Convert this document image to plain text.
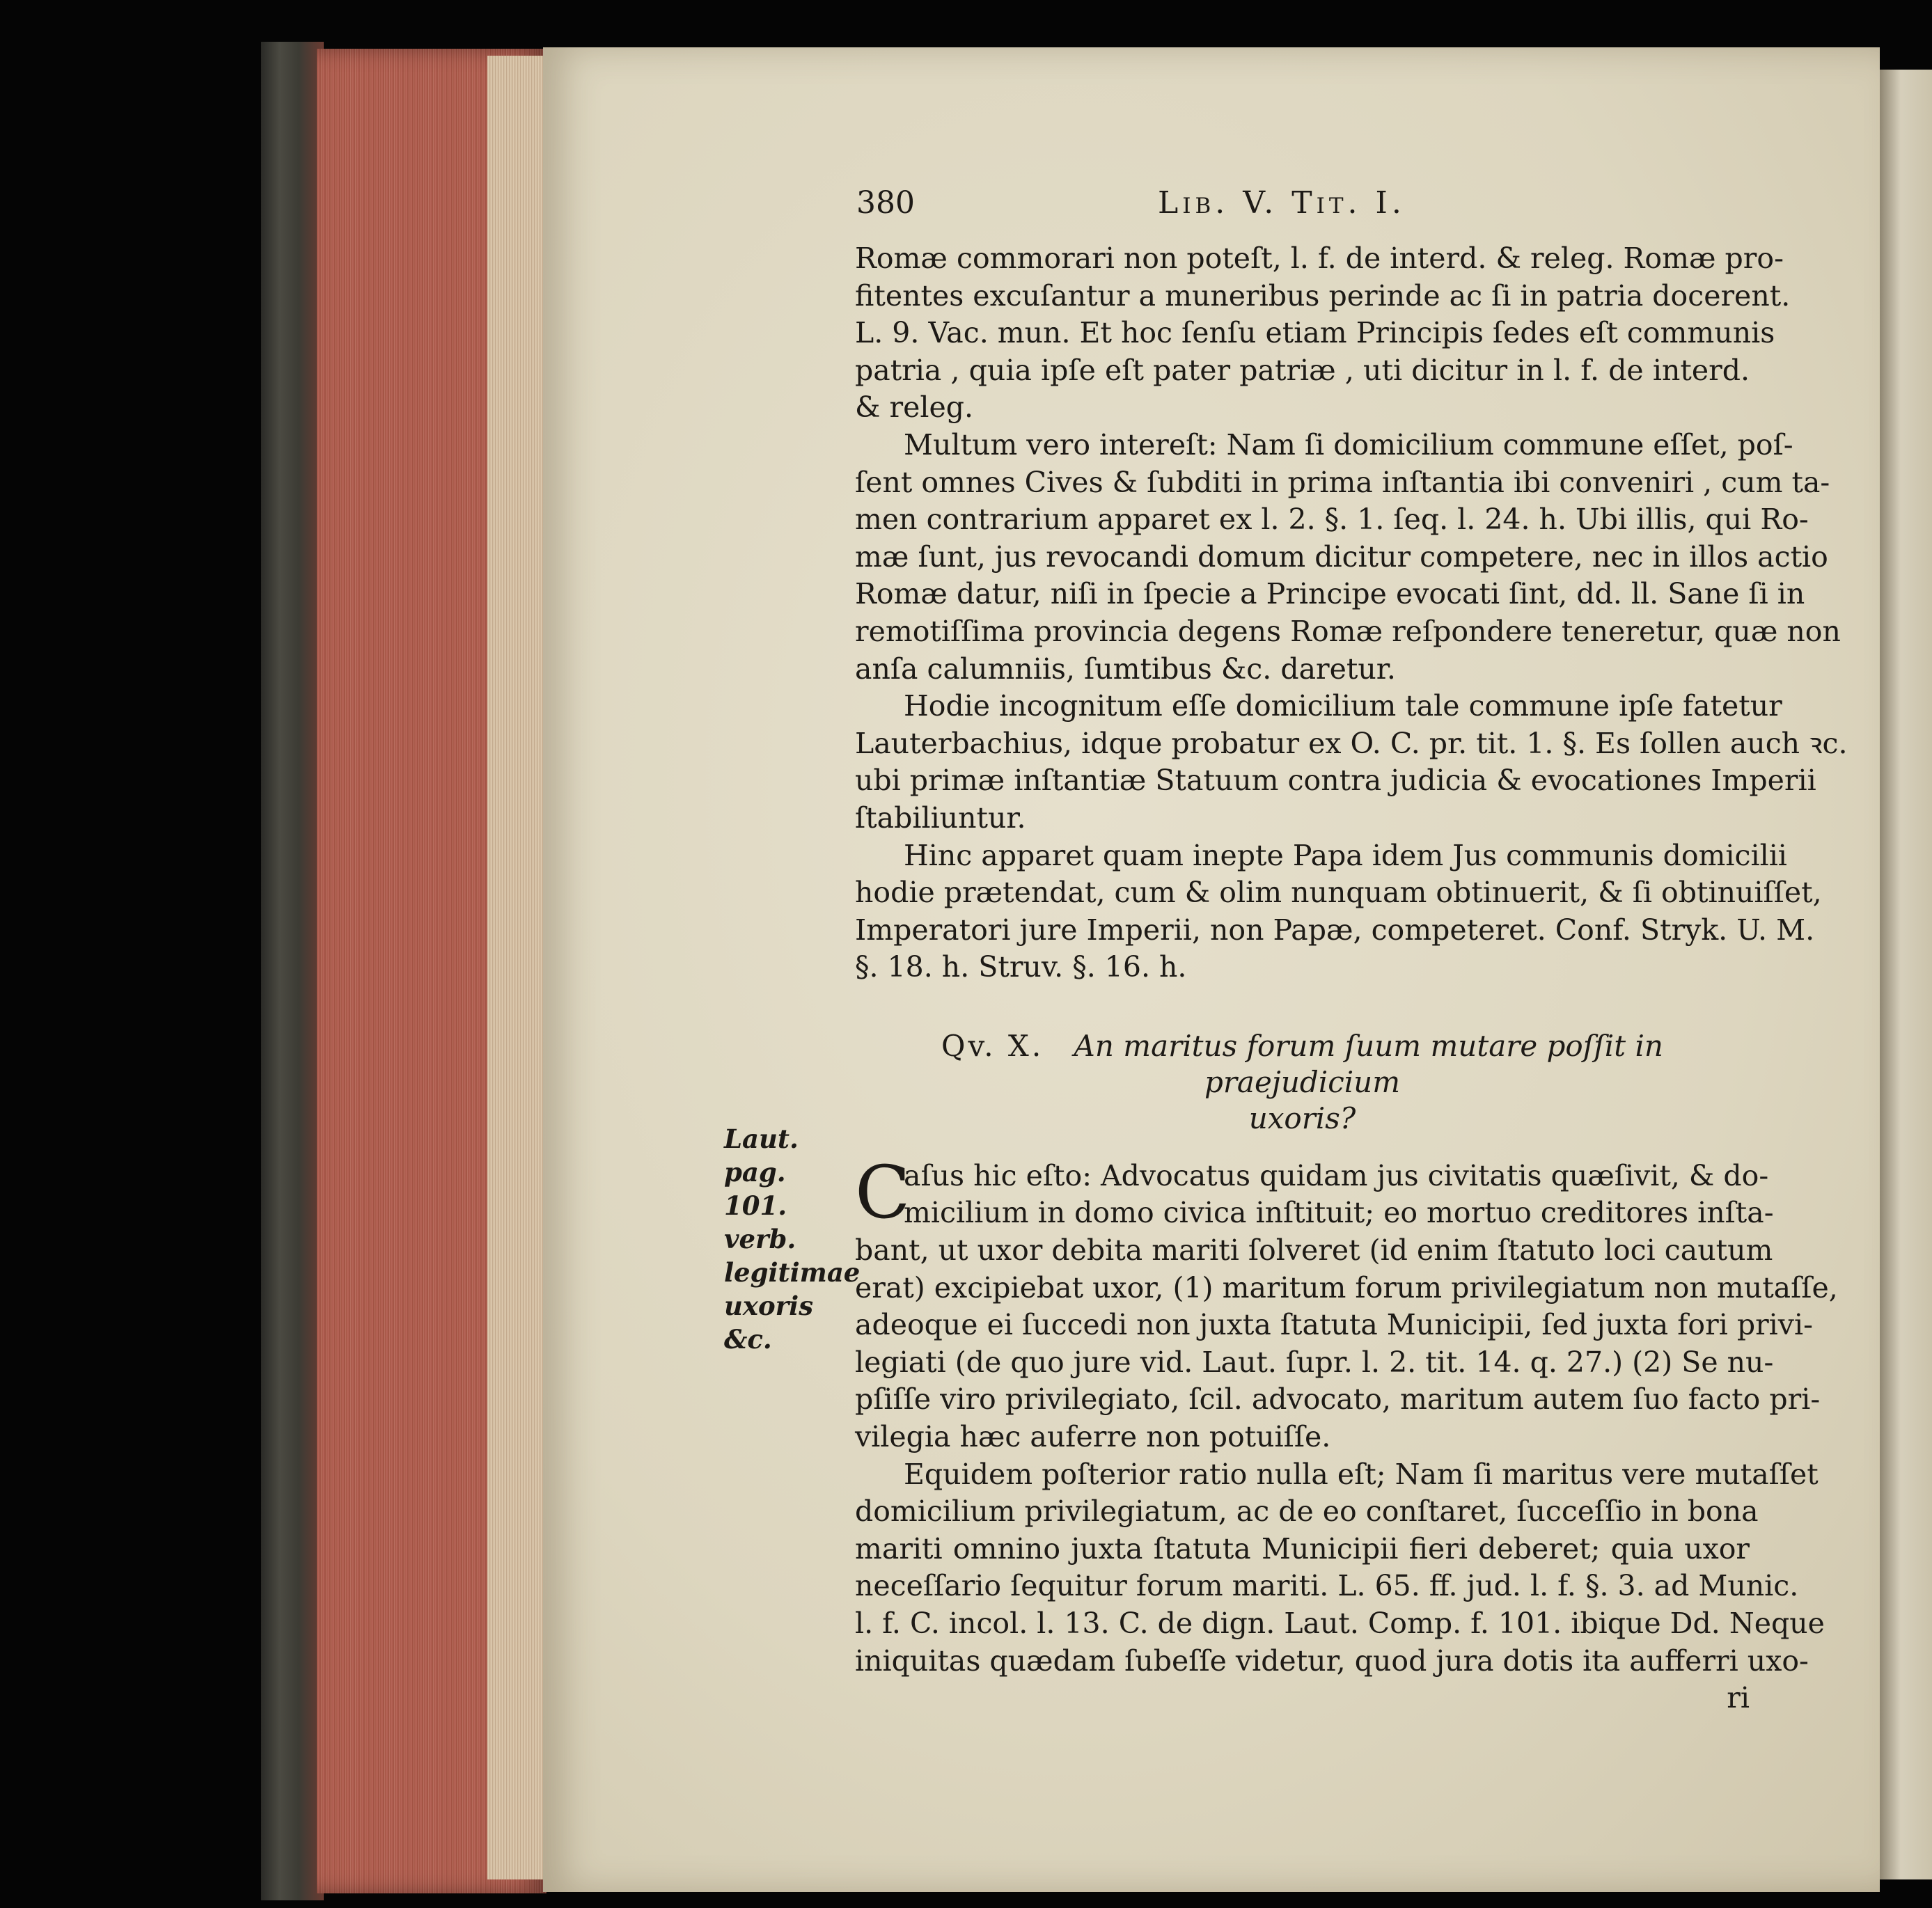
380	Lib. V. Tit. I.
Romæ commorari non poteſt, l. f. de interd. & releg. Romæ pro-
fitentes excuſantur a muneribus perinde ac ſi in patria docerent.
L. 9. Vac. mun. Et hoc ſenſu etiam Principis ſedes eſt communis
patria , quia ipſe eſt pater patriæ , uti dicitur in l. f. de interd.
& releg.
Multum vero intereſt: Nam ſi domicilium commune eſſet, poſ-
ſent omnes Cives & ſubditi in prima inſtantia ibi conveniri , cum ta-
men contrarium apparet ex l. 2. §. 1. ſeq. l. 24. h. Ubi illis, qui Ro-
mæ ſunt, jus revocandi domum dicitur competere, nec in illos actio
Romæ datur, niſi in ſpecie a Principe evocati ſint, dd. ll. Sane ſi in
remotiſſima provincia degens Romæ reſpondere teneretur, quæ non
anſa calumniis, ſumtibus &c. daretur.
Hodie incognitum eſſe domicilium tale commune ipſe fatetur
Lauterbachius, idque probatur ex O. C. pr. tit. 1. §. Es ſollen auch ꝛc.
ubi primæ inſtantiæ Statuum contra judicia & evocationes Imperii
ſtabiliuntur.
Hinc apparet quam inepte Papa idem Jus communis domicilii
hodie prætendat, cum & olim nunquam obtinuerit, & ſi obtinuiſſet,
Imperatori jure Imperii, non Papæ, competeret. Conf. Stryk. U. M.
§. 18. h. Struv. §. 16. h.
Qv. X. An maritus forum ſuum mutare poſſit in praejudicium
uxoris?
C
aſus hic eſto: Advocatus quidam jus civitatis quæſivit, & do-
micilium in domo civica inſtituit; eo mortuo creditores inſta-
bant, ut uxor debita mariti ſolveret (id enim ſtatuto loci cautum
erat) excipiebat uxor, (1) maritum forum privilegiatum non mutaſſe,
adeoque ei ſuccedi non juxta ſtatuta Municipii, ſed juxta fori privi-
legiati (de quo jure vid. Laut. ſupr. l. 2. tit. 14. q. 27.) (2) Se nu-
pſiſſe viro privilegiato, ſcil. advocato, maritum autem ſuo facto pri-
vilegia hæc auferre non potuiſſe.
Equidem poſterior ratio nulla eſt; Nam ſi maritus vere mutaſſet
domicilium privilegiatum, ac de eo conſtaret, ſucceſſio in bona
mariti omnino juxta ſtatuta Municipii fieri deberet; quia uxor
neceſſario ſequitur forum mariti. L. 65. ff. jud. l. f. §. 3. ad Munic.
l. f. C. incol. l. 13. C. de dign. Laut. Comp. f. 101. ibique Dd. Neque
iniquitas quædam ſubeſſe videtur, quod jura dotis ita aufferri uxo-
ri
Laut. pag.
101. verb.
legitimae
uxoris
&c.
